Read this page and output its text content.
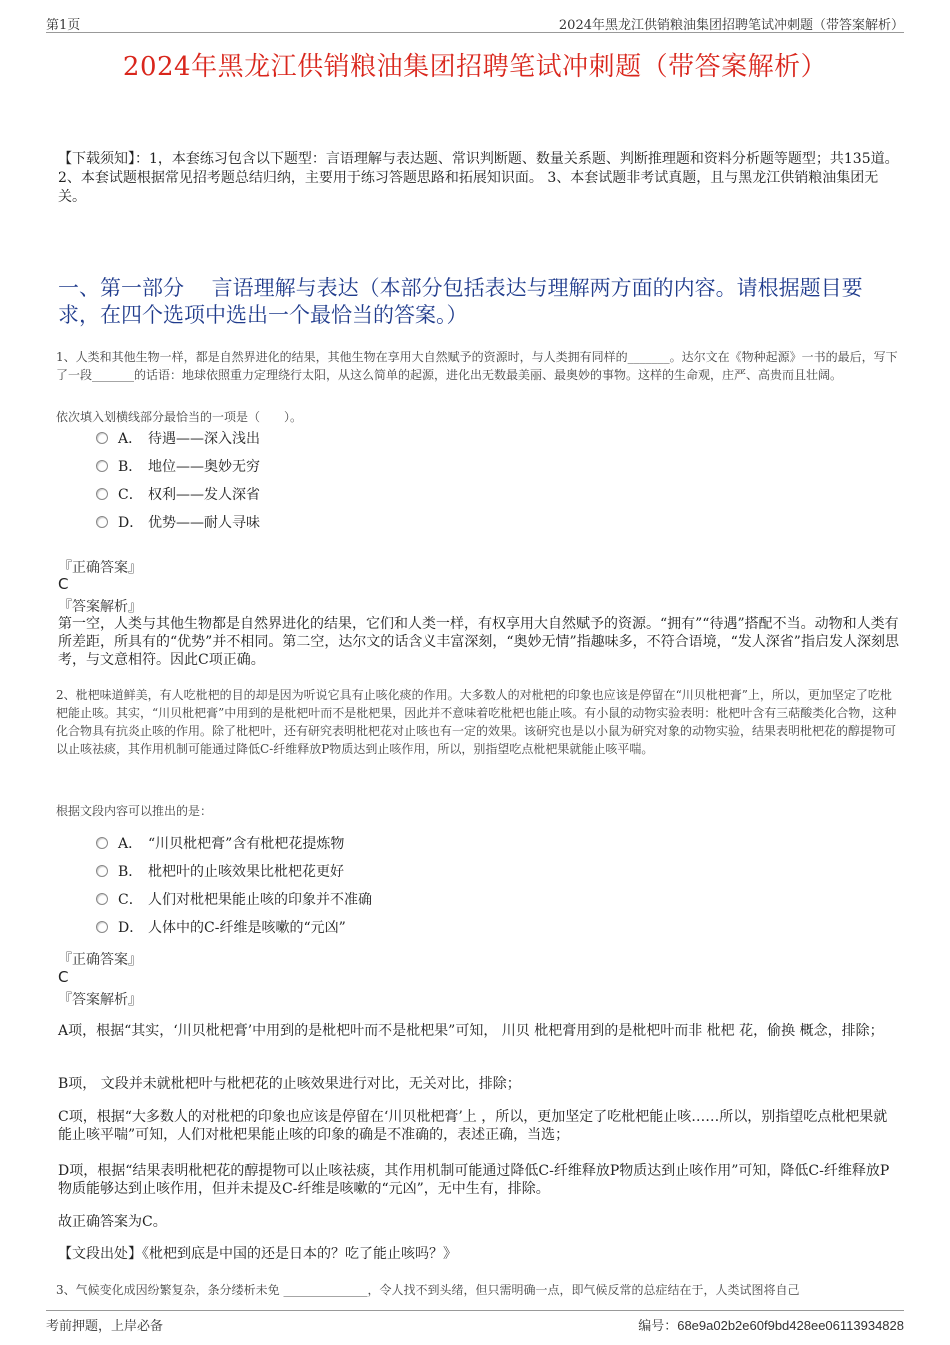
第1页	2024年黑龙江供销粮油集团招聘笔试冲刺题（带答案解析）
2024年黑龙江供销粮油集团招聘笔试冲刺题（带答案解析）
【下载须知】：1，本套练习包含以下题型：言语理解与表达题、常识判断题、数量关系题、判断推理题和资料分析题等题型；共135道。 2、本套试题根据常见招考题总结归纳，主要用于练习答题思路和拓展知识面。 3、本套试题非考试真题，且与黑龙江供销粮油集团无关。
一、第一部分　 言语理解与表达（本部分包括表达与理解两方面的内容。请根据题目要求，在四个选项中选出一个最恰当的答案。）
1、人类和其他生物一样，都是自然界进化的结果，其他生物在享用大自然赋予的资源时，与人类拥有同样的_______。达尔文在《物种起源》一书的最后，写下了一段_______的话语：地球依照重力定理绕行太阳，从这么简单的起源，进化出无数最美丽、最奥妙的事物。这样的生命观，庄严、高贵而且壮阔。
依次填入划横线部分最恰当的一项是（　　）。
A． 待遇——深入浅出
B． 地位——奥妙无穷
C． 权利——发人深省
D． 优势——耐人寻味
『正确答案』
C
『答案解析』
第一空，人类与其他生物都是自然界进化的结果，它们和人类一样，有权享用大自然赋予的资源。“拥有”“待遇”搭配不当。动物和人类有所差距，所具有的“优势”并不相同。第二空，达尔文的话含义丰富深刻，“奥妙无情”指趣味多，不符合语境，“发人深省”指启发人深刻思考，与文意相符。因此C项正确。
2、枇杷味道鲜美，有人吃枇杷的目的却是因为听说它具有止咳化痰的作用。大多数人的对枇杷的印象也应该是停留在“川贝枇杷膏”上，所以，更加坚定了吃枇杷能止咳。其实，“川贝枇杷膏”中用到的是枇杷叶而不是枇杷果，因此并不意味着吃枇杷也能止咳。有小鼠的动物实验表明：枇杷叶含有三萜酸类化合物，这种化合物具有抗炎止咳的作用。除了枇杷叶，还有研究表明枇杷花对止咳也有一定的效果。该研究也是以小鼠为研究对象的动物实验，结果表明枇杷花的醇提物可以止咳祛痰，其作用机制可能通过降低C-纤维释放P物质达到止咳作用，所以，别指望吃点枇杷果就能止咳平喘。
根据文段内容可以推出的是：
A． “川贝枇杷膏”含有枇杷花提炼物
B． 枇杷叶的止咳效果比枇杷花更好
C． 人们对枇杷果能止咳的印象并不准确
D． 人体中的C-纤维是咳嗽的“元凶”
『正确答案』
C
『答案解析』
A项，根据“其实，‘川贝枇杷膏’中用到的是枇杷叶而不是枇杷果”可知， 川贝 枇杷膏用到的是枇杷叶而非 枇杷 花，偷换 概念，排除；
B项， 文段并未就枇杷叶与枇杷花的止咳效果进行对比，无关对比，排除；
C项，根据“大多数人的对枇杷的印象也应该是停留在‘川贝枇杷膏’上 ，所以，更加坚定了吃枇杷能止咳……所以，别指望吃点枇杷果就能止咳平喘”可知，人们对枇杷果能止咳的印象的确是不准确的，表述正确，当选；
D项，根据“结果表明枇杷花的醇提物可以止咳祛痰，其作用机制可能通过降低C-纤维释放P物质达到止咳作用”可知，降低C-纤维释放P物质能够达到止咳作用，但并未提及C-纤维是咳嗽的“元凶”，无中生有，排除。
故正确答案为C。
【文段出处】《枇杷到底是中国的还是日本的？吃了能止咳吗？》
3、气候变化成因纷繁复杂，条分缕析未免 ______________，令人找不到头绪，但只需明确一点，即气候反常的总症结在于，人类试图将自己
考前押题，上岸必备	编号：68e9a02b2e60f9bd428ee06113934828
